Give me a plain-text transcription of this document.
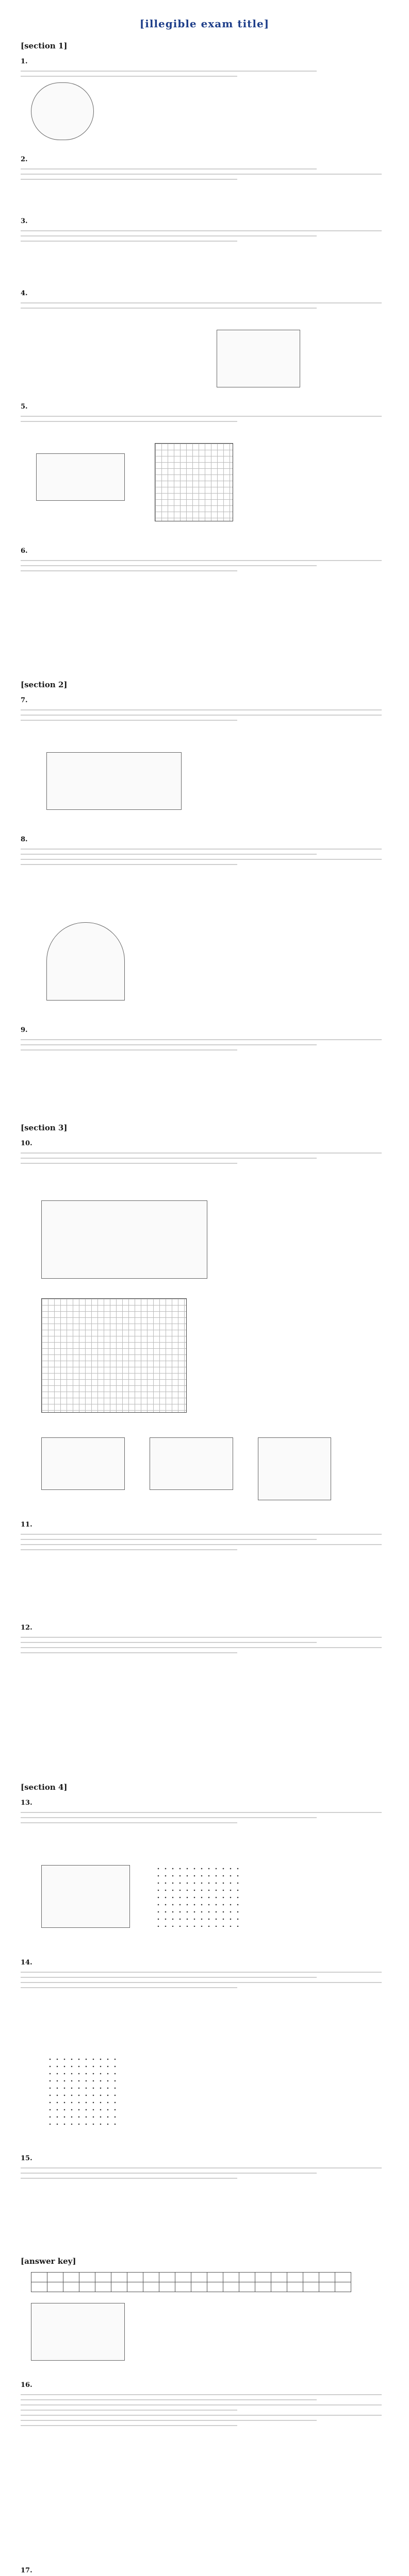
[illegible exam title]
[section 1]
1.
2.
3.
4.
5.
6.
[section 2]
7.
8.
9.
[section 3]
10.
11.
12.
[section 4]
13.
14.
15.
[answer key]

16.
17.
